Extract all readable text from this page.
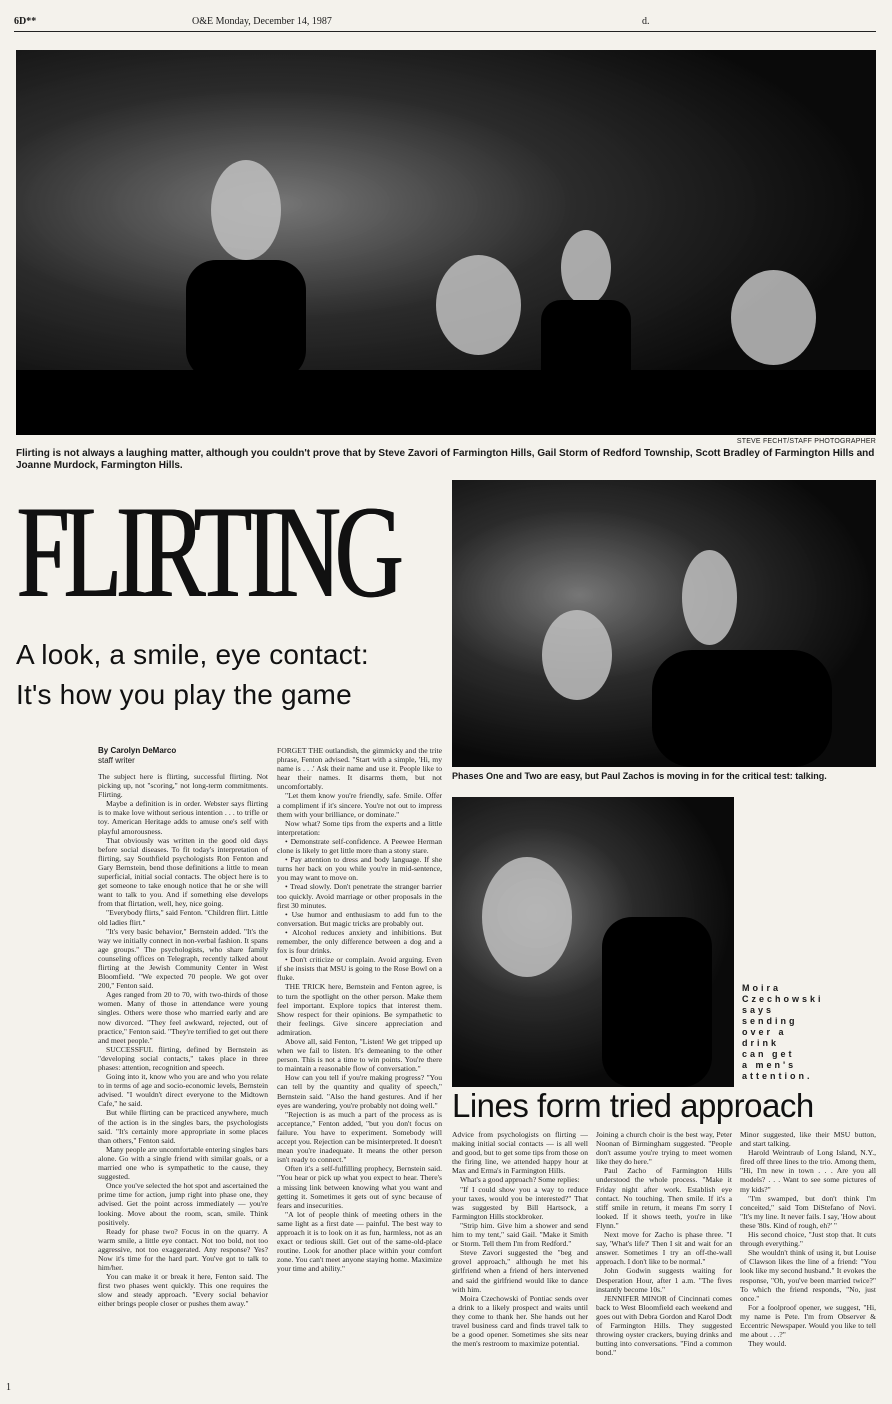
6D**	O&E Monday, December 14, 1987	d.
STEVE FECHT/STAFF PHOTOGRAPHER
Flirting is not always a laughing matter, although you couldn't prove that by Steve Zavori of Farmington Hills, Gail Storm of Redford Township, Scott Bradley of Farmington Hills and Joanne Murdock, Farmington Hills.
FLIRTING
A look, a smile, eye contact:
It's how you play the game
Phases One and Two are easy, but Paul Zachos is moving in for the critical test: talking.
Moira Czechowski says sending over a drink can get a men's attention.
Lines form tried approach
By Carolyn DeMarco
staff writer

The subject here is flirting, successful flirting. Not picking up, not "scoring," not long-term commitments. Flirting.

Maybe a definition is in order. Webster says flirting is to make love without serious intention . . . to trifle or toy. American Heritage adds to amuse one's self with playful amorousness.

That obviously was written in the good old days before social diseases. To fit today's interpretation of flirting, say Southfield psychologists Ron Fenton and Gary Bernstein, bend those definitions a little to mean superficial, initial social contacts. The object here is to get someone to take enough notice that he or she will want to talk to you. And if something else develops from that flirtation, well, hey, nice going.

"Everybody flirts," said Fenton. "Children flirt. Little old ladies flirt."

"It's very basic behavior," Bernstein added. "It's the way we initially connect in non-verbal fashion. It spans age groups." The psychologists, who share family counseling offices on Telegraph, recently talked about flirting at the Jewish Community Center in West Bloomfield. "We expected 70 people. We got over 200," Fenton said.

Ages ranged from 20 to 70, with two-thirds of those women. Many of those in attendance were young singles. Others were those who married early and are now divorced. "They feel awkward, rejected, out of practice," Fenton said. "They're terrified to get out there and meet people."

SUCCESSFUL flirting, defined by Bernstein as "developing social contacts," takes place in three phases: attention, recognition and speech.

Going into it, know who you are and who you relate to in terms of age and socio-economic levels, Bernstein advised. "I wouldn't direct everyone to the Midtown Cafe," he said.

But while flirting can be practiced anywhere, much of the action is in the singles bars, the psychologists said. "It's certainly more appropriate in some places than others," Fenton said.

Many people are uncomfortable entering singles bars alone. Go with a single friend with similar goals, or a married one who is sympathetic to the cause, they suggested.

Once you've selected the hot spot and ascertained the prime time for action, jump right into phase one, they advised. Get the point across immediately — you're looking. Move about the room, scan, smile. Think positively.

Ready for phase two? Focus in on the quarry. A warm smile, a little eye contact. Not too bold, not too aggressive, not too exaggerated. Any response? Yes? Now it's time for the hard part. You've got to talk to him/her.

You can make it or break it here, Fenton said. The first two phases went quickly. This one requires the slow and steady approach. "Every social behavior either brings people closer or pushes them away."

FORGET THE outlandish, the gimmicky and the trite phrase, Fenton advised. "Start with a simple, 'Hi, my name is . . .' Ask their name and use it. People like to hear their names. It disarms them, but not uncomfortably.

"Let them know you're friendly, safe. Smile. Offer a compliment if it's sincere. You're not out to impress them with your brilliance, or dominate."

Now what? Some tips from the experts and a little interpretation:

• Demonstrate self-confidence. A Peewee Herman clone is likely to get little more than a stony stare.

• Pay attention to dress and body language. If she turns her back on you while you're in mid-sentence, you may want to move on.

• Tread slowly. Don't penetrate the stranger barrier too quickly. Avoid marriage or other proposals in the first 30 minutes.

• Use humor and enthusiasm to add fun to the conversation. But magic tricks are probably out.

• Alcohol reduces anxiety and inhibitions. But remember, the only difference between a dog and a fox is four drinks.

• Don't criticize or complain. Avoid arguing. Even if she insists that MSU is going to the Rose Bowl on a fluke.

THE TRICK here, Bernstein and Fenton agree, is to turn the spotlight on the other person. Make them feel important. Explore topics that interest them. Show respect for their opinions. Be sympathetic to their feelings. Give sincere appreciation and admiration.

Above all, said Fenton, "Listen! We get tripped up when we fail to listen. It's demeaning to the other person. This is not a time to win points. You're there to maintain a reasonable flow of conversation."

How can you tell if you're making progress? "You can tell by the quantity and quality of speech," Bernstein said. "Also the hand gestures. And if her eyes are wandering, you're probably not doing well."

"Rejection is as much a part of the process as is acceptance," Fenton added, "but you don't focus on failure. You have to experiment. Somebody will accept you. Rejection can be misinterpreted. It doesn't mean you're inadequate. It means the other person isn't ready to connect."

Often it's a self-fulfilling prophecy, Bernstein said. "You hear or pick up what you expect to hear. There's a missing link between knowing what you want and getting it. Sometimes it gets out of sync because of fears and insecurities.

"A lot of people think of meeting others in the same light as a first date — painful. The best way to approach it is to look on it as fun, harmless, not as an exact or tedious skill. Get out of the same-old-place routine. Look for another place within your comfort zone. You can't meet anyone staying home. Maximize your time and ability."

Advice from psychologists on flirting — making initial social contacts — is all well and good, but to get some tips from those on the firing line, we attended happy hour at Max and Erma's in Farmington Hills.

What's a good approach? Some replies:

"If I could show you a way to reduce your taxes, would you be interested?" That was suggested by Bill Hartsock, a Farmington Hills stockbroker.

"Strip him. Give him a shower and send him to my tent," said Gail. "Make it Smith or Storm. Tell them I'm from Redford."

Steve Zavori suggested the "beg and grovel approach," although he met his girlfriend when a friend of hers intervened and said the girlfriend would like to dance with him.

Moira Czechowski of Pontiac sends over a drink to a likely prospect and waits until they come to thank her. She hands out her travel business card and finds travel talk to be a good opener. Sometimes she sits near the men's restroom to maximize potential.

Joining a church choir is the best way, Peter Noonan of Birmingham suggested. "People don't assume you're trying to meet women like they do here."

Paul Zacho of Farmington Hills understood the whole process. "Make it Friday night after work. Establish eye contact. No touching. Then smile. If it's a stiff smile in return, it means I'm sorry I looked. If it shows teeth, you're in like Flynn."

Next move for Zacho is phase three. "I say, 'What's life?' Then I sit and wait for an answer. Sometimes I try an off-the-wall approach. I don't like to be normal."

John Godwin suggests waiting for Desperation Hour, after 1 a.m. "The fives instantly become 10s."

JENNIFER MINOR of Cincinnati comes back to West Bloomfield each weekend and goes out with Debra Gordon and Karol Dodt of Farmington Hills. They suggested throwing oyster crackers, buying drinks and butting into conversations. "Find a common bond."

Minor suggested, like their MSU button, and start talking.

Harold Weintraub of Long Island, N.Y., fired off three lines to the trio. Among them, "Hi, I'm new in town . . . Are you all models? . . . Want to see some pictures of my kids?"

"I'm swamped, but don't think I'm conceited," said Tom DiStefano of Novi. "It's my line. It never fails. I say, 'How about these '80s. Kind of rough, eh?' "

His second choice, "Just stop that. It cuts through everything."

She wouldn't think of using it, but Louise of Clawson likes the line of a friend: "You look like my second husband." It evokes the response, "Oh, you've been married twice?" To which the friend responds, "No, just once."

For a foolproof opener, we suggest, "Hi, my name is Pete. I'm from Observer & Eccentric Newspaper. Would you like to tell me about . . .?"

They would.

1
